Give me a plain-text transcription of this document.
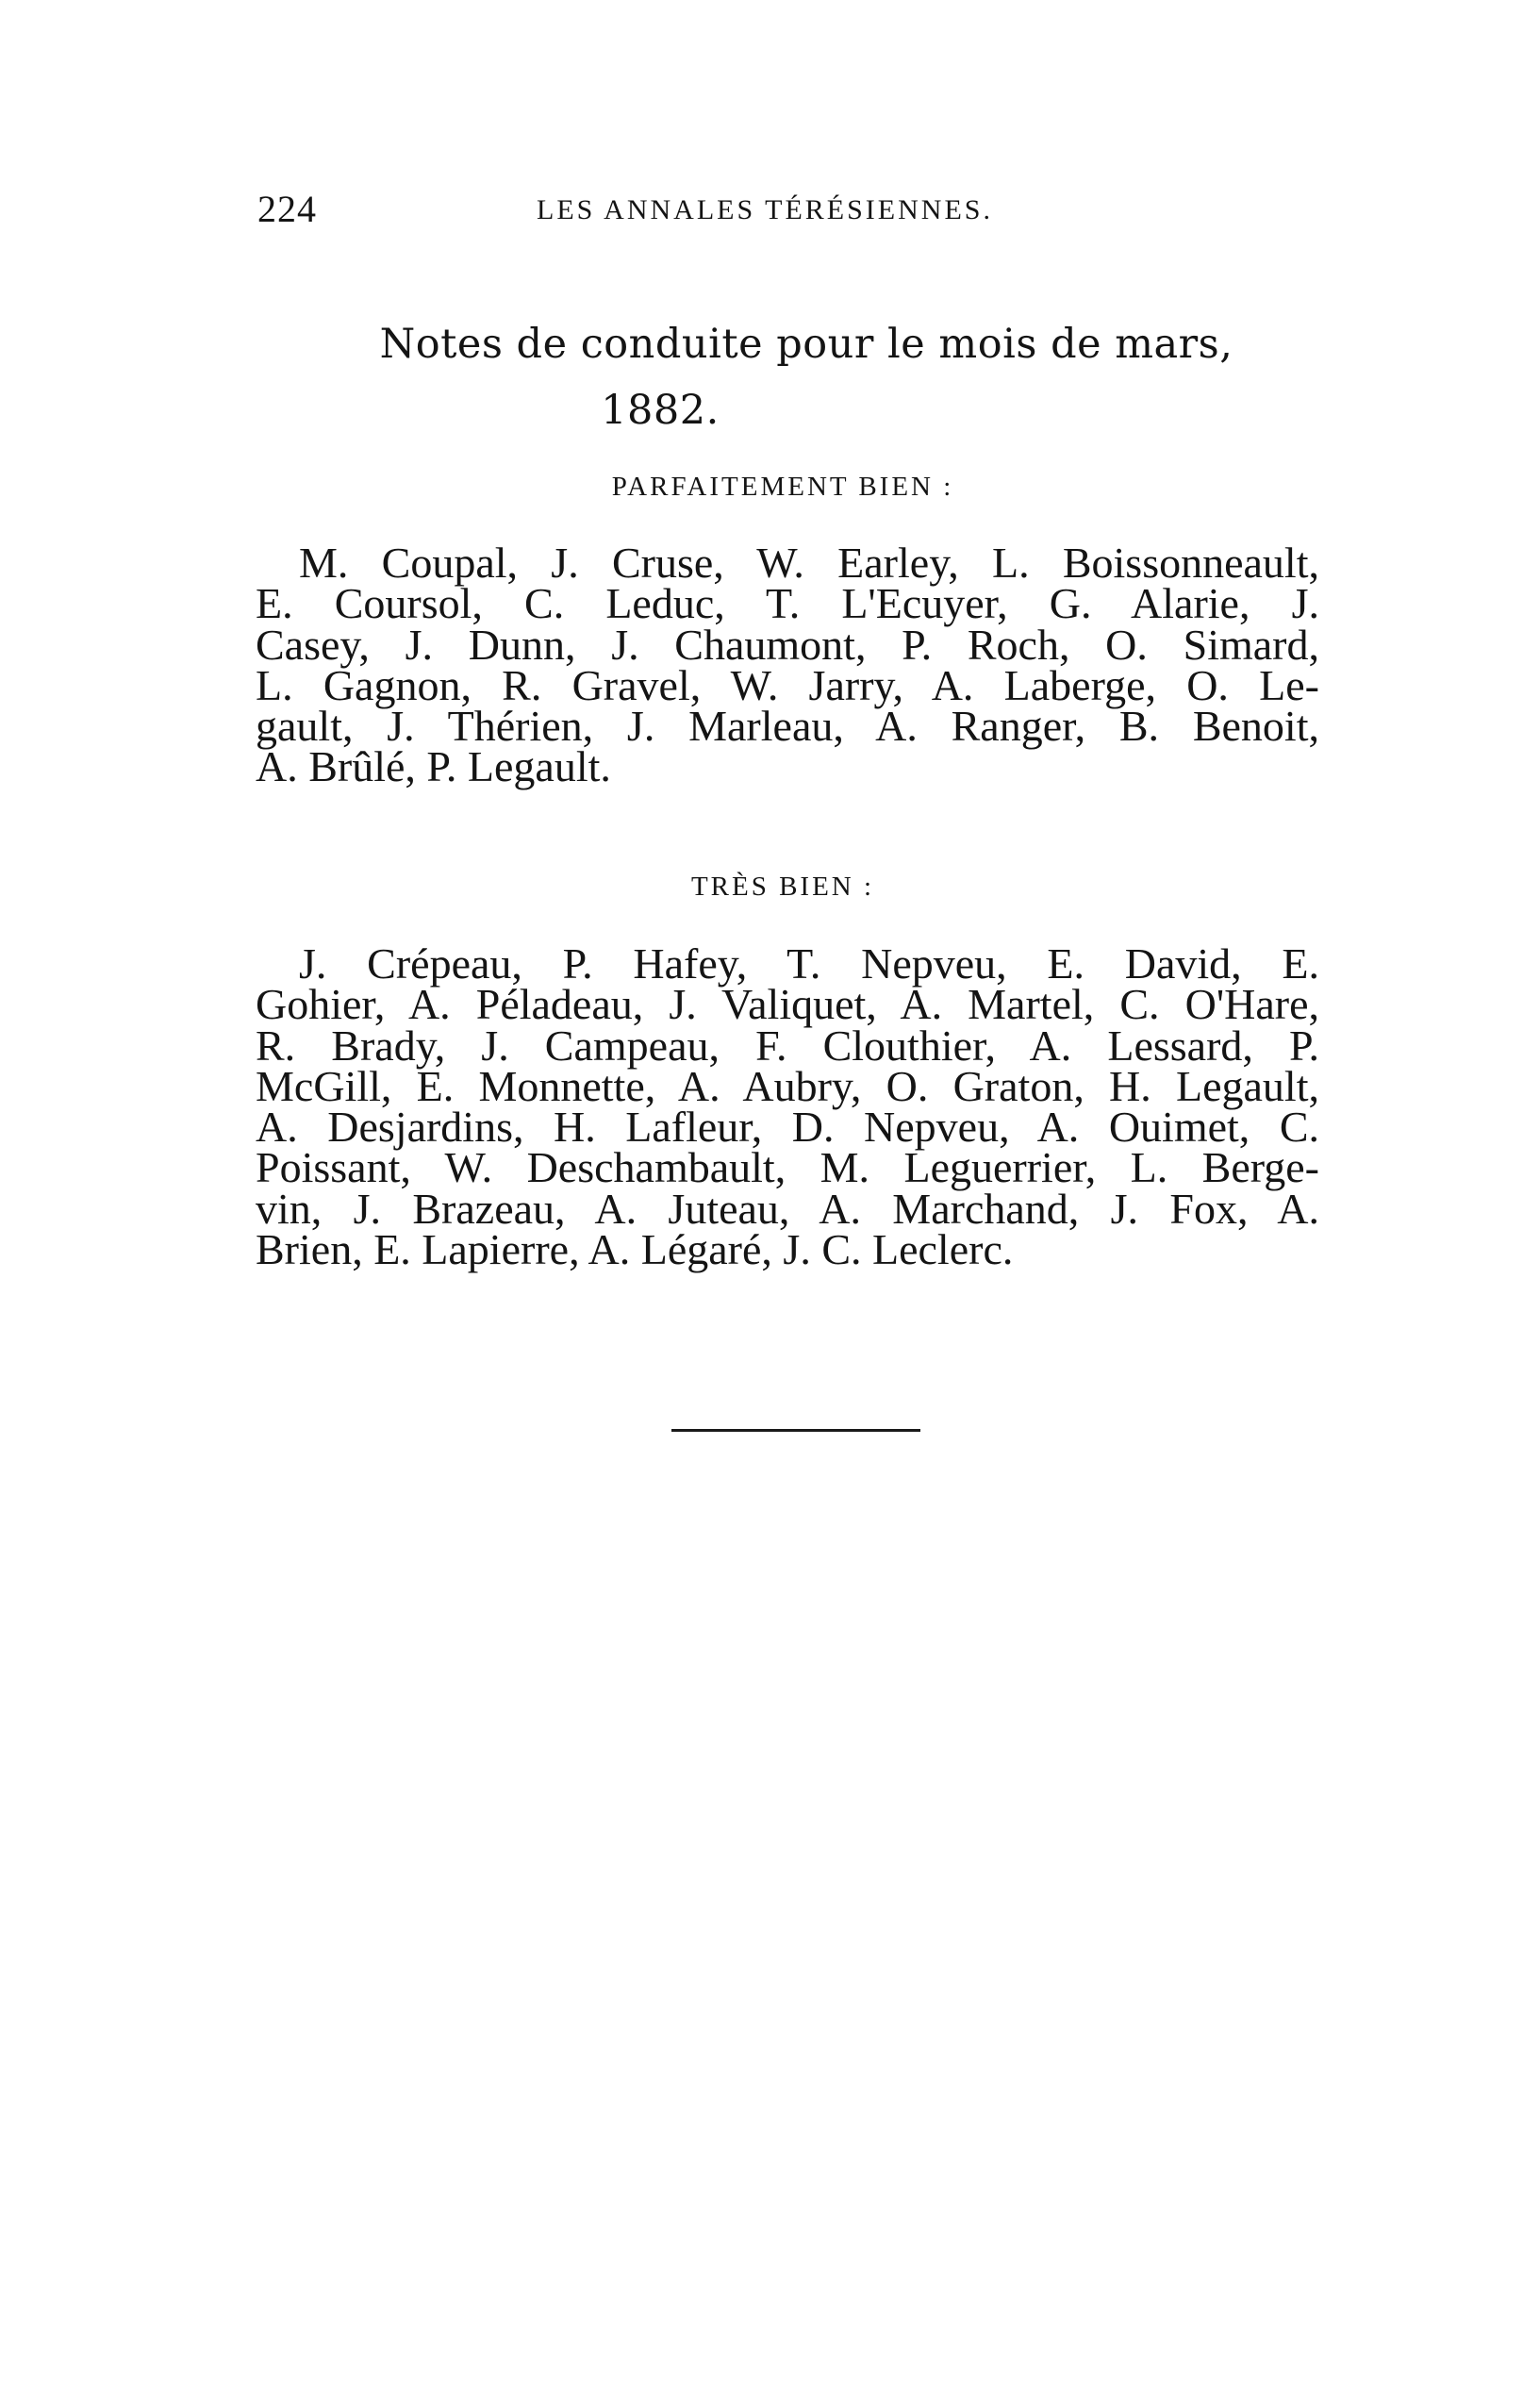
224	LES ANNALES TÉRÉSIENNES.
Notes de conduite pour le mois de mars,
1882.
PARFAITEMENT BIEN :

M. Coupal, J. Cruse, W. Earley, L. Boissonneault,
E. Coursol, C. Leduc, T. L'Ecuyer, G. Alarie, J.
Casey, J. Dunn, J. Chaumont, P. Roch, O. Simard,
L. Gagnon, R. Gravel, W. Jarry, A. Laberge, O. Le-
gault, J. Thérien, J. Marleau, A. Ranger, B. Benoit,
A. Brûlé, P. Legault.

TRÈS BIEN :

J. Crépeau, P. Hafey, T. Nepveu, E. David, E.
Gohier, A. Péladeau, J. Valiquet, A. Martel, C. O'Hare,
R. Brady, J. Campeau, F. Clouthier, A. Lessard, P.
McGill, E. Monnette, A. Aubry, O. Graton, H. Legault,
A. Desjardins, H. Lafleur, D. Nepveu, A. Ouimet, C.
Poissant, W. Deschambault, M. Leguerrier, L. Berge-
vin, J. Brazeau, A. Juteau, A. Marchand, J. Fox, A.
Brien, E. Lapierre, A. Légaré, J. C. Leclerc.
